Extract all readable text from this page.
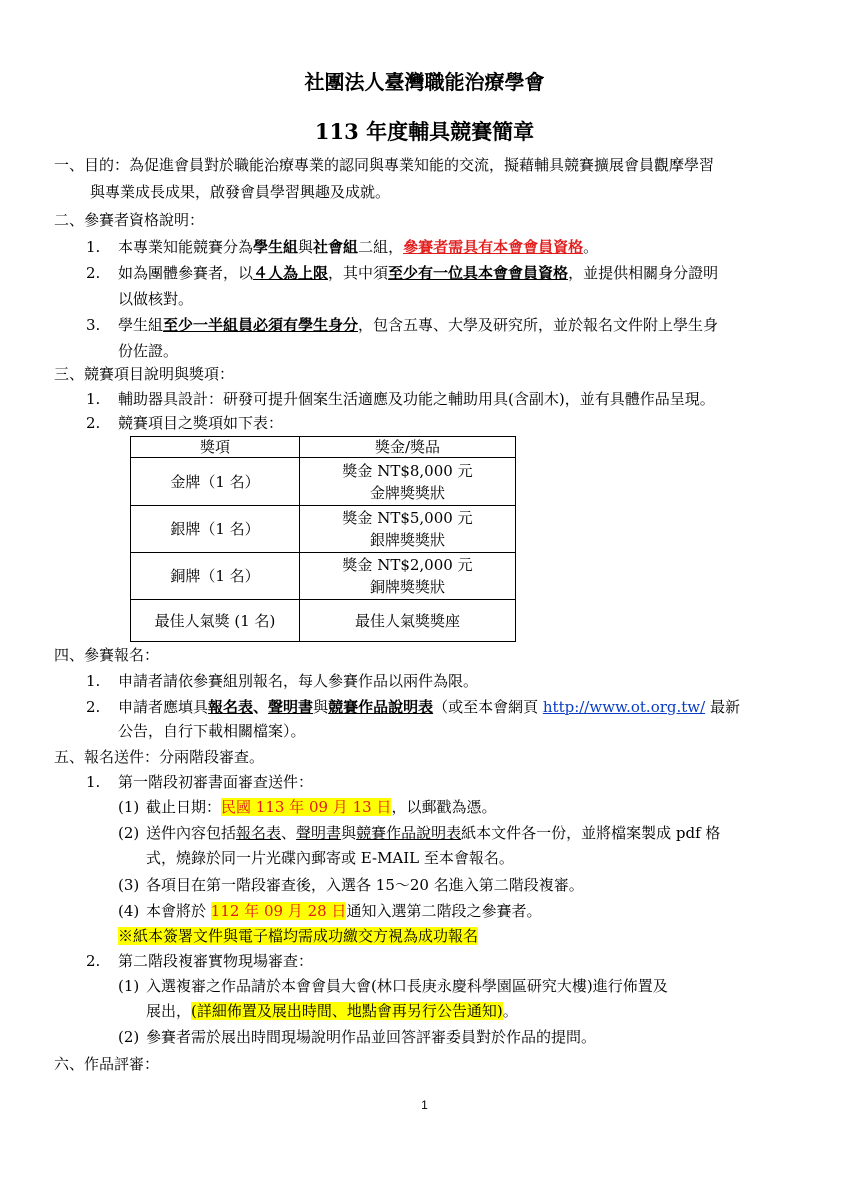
社團法人臺灣職能治療學會
113 年度輔具競賽簡章
一、目的：為促進會員對於職能治療專業的認同與專業知能的交流，擬藉輔具競賽擴展會員觀摩學習
與專業成長成果，啟發會員學習興趣及成就。
二、參賽者資格說明：
1. 本專業知能競賽分為學生組與社會組二組，參賽者需具有本會會員資格。
2. 如為團體參賽者，以４人為上限，其中須至少有一位具本會會員資格，並提供相關身分證明
以做核對。
3. 學生組至少一半組員必須有學生身分，包含五專、大學及研究所，並於報名文件附上學生身
份佐證。
三、競賽項目說明與獎項：
1. 輔助器具設計：研發可提升個案生活適應及功能之輔助用具(含副木)，並有具體作品呈現。
2. 競賽項目之獎項如下表：
獎項	獎金/獎品
金牌（1 名）	獎金 NT$8,000 元
金牌獎獎狀

銀牌（1 名）	獎金 NT$5,000 元
銀牌獎獎狀

銅牌（1 名）	獎金 NT$2,000 元
銅牌獎獎狀

最佳人氣獎 (1 名)	最佳人氣獎獎座
四、參賽報名：
1. 申請者請依參賽組別報名，每人參賽作品以兩件為限。
2. 申請者應填具報名表、聲明書與競賽作品說明表（或至本會網頁 http://www.ot.org.tw/ 最新
公告，自行下載相關檔案）。
五、報名送件：分兩階段審查。
1. 第一階段初審書面審查送件：
(1) 截止日期：民國 113 年 09 月 13 日，以郵戳為憑。
(2) 送件內容包括報名表、聲明書與競賽作品說明表紙本文件各一份，並將檔案製成 pdf 格
式，燒錄於同一片光碟內郵寄或 E-MAIL 至本會報名。
(3) 各項目在第一階段審查後，入選各 15～20 名進入第二階段複審。
(4) 本會將於 112 年 09 月 28 日通知入選第二階段之參賽者。
※紙本簽署文件與電子檔均需成功繳交方視為成功報名
2. 第二階段複審實物現場審查：
(1) 入選複審之作品請於本會會員大會(林口長庚永慶科學園區研究大樓)進行佈置及
展出，(詳細佈置及展出時間、地點會再另行公告通知)。
(2) 參賽者需於展出時間現場說明作品並回答評審委員對於作品的提問。
六、作品評審：
1
